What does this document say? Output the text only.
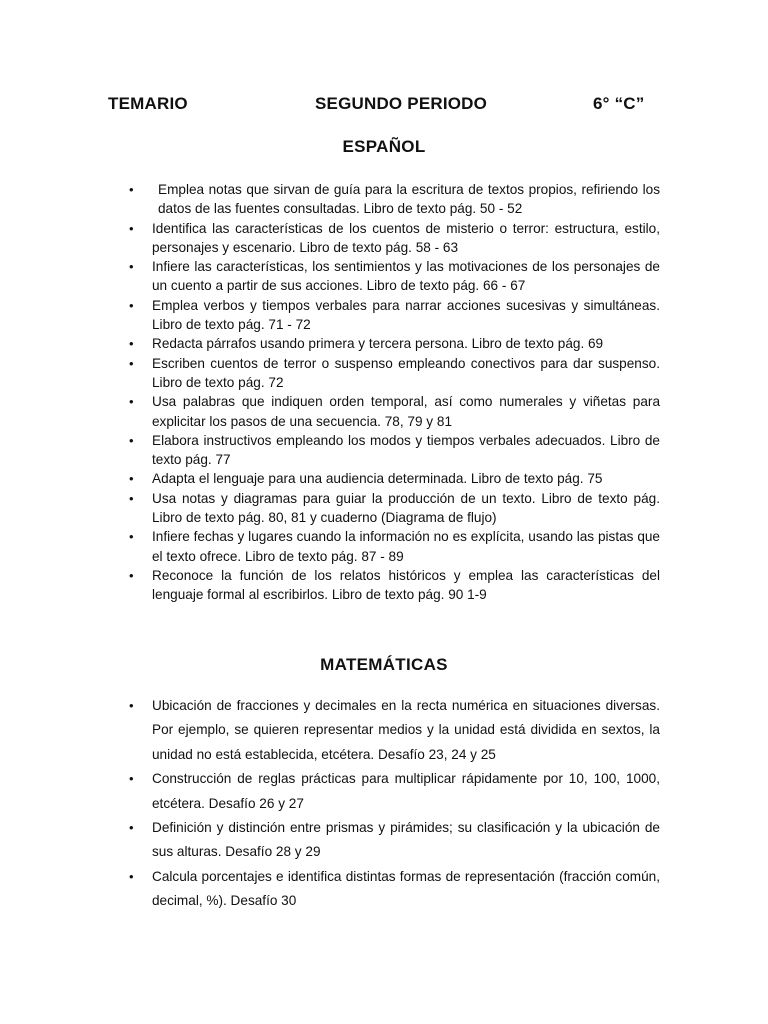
TEMARIO	SEGUNDO PERIODO	6° “C”
ESPAÑOL
• Emplea notas que sirvan de guía para la escritura de textos propios, refiriendo los datos de las fuentes consultadas. Libro de texto pág. 50 - 52
• Identifica las características de los cuentos de misterio o terror: estructura, estilo, personajes y escenario. Libro de texto pág. 58 - 63
• Infiere las características, los sentimientos y las motivaciones de los personajes de un cuento a partir de sus acciones. Libro de texto pág. 66 - 67
• Emplea verbos y tiempos verbales para narrar acciones sucesivas y simultáneas. Libro de texto pág. 71 - 72
• Redacta párrafos usando primera y tercera persona. Libro de texto pág. 69
• Escriben cuentos de terror o suspenso empleando conectivos para dar suspenso. Libro de texto pág. 72
• Usa palabras que indiquen orden temporal, así como numerales y viñetas para explicitar los pasos de una secuencia. 78, 79 y 81
• Elabora instructivos empleando los modos y tiempos verbales adecuados. Libro de texto pág. 77
• Adapta el lenguaje para una audiencia determinada. Libro de texto pág. 75
• Usa notas y diagramas para guiar la producción de un texto. Libro de texto pág. Libro de texto pág. 80, 81 y cuaderno (Diagrama de flujo)
• Infiere fechas y lugares cuando la información no es explícita, usando las pistas que el texto ofrece. Libro de texto pág. 87 - 89
• Reconoce la función de los relatos históricos y emplea las características del lenguaje formal al escribirlos. Libro de texto pág. 90 1-9
MATEMÁTICAS
• Ubicación de fracciones y decimales en la recta numérica en situaciones diversas. Por ejemplo, se quieren representar medios y la unidad está dividida en sextos, la unidad no está establecida, etcétera. Desafío 23, 24 y 25
• Construcción de reglas prácticas para multiplicar rápidamente por 10, 100, 1000, etcétera. Desafío 26 y 27
• Definición y distinción entre prismas y pirámides; su clasificación y la ubicación de sus alturas. Desafío 28 y 29
• Calcula porcentajes e identifica distintas formas de representación (fracción común, decimal, %). Desafío 30
